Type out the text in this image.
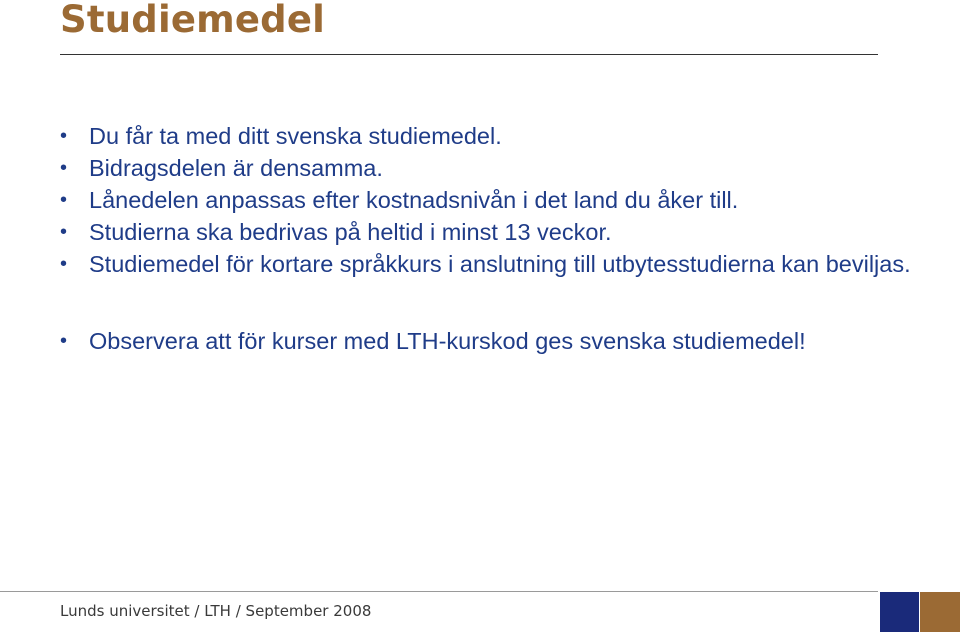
Studiemedel
• Du får ta med ditt svenska studiemedel.
• Bidragsdelen är densamma.
• Lånedelen anpassas efter kostnadsnivån i det land du åker till.
• Studierna ska bedrivas på heltid i minst 13 veckor.
• Studiemedel för kortare språkkurs i anslutning till utbytesstudierna kan beviljas.
• Observera att för kurser med LTH-kurskod ges svenska studiemedel!
Lunds universitet / LTH / September 2008
